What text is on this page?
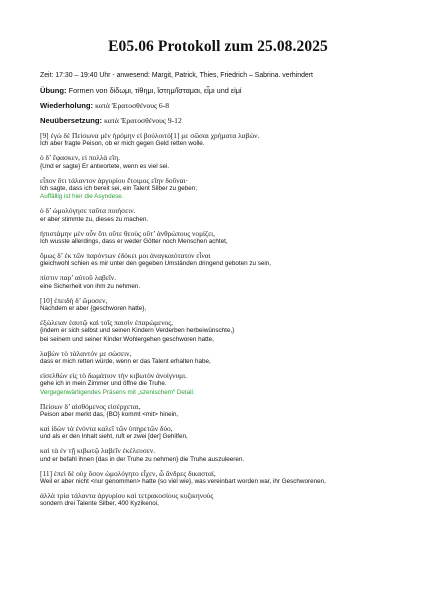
E05.06 Protokoll zum 25.08.2025
Zeit: 17:30 – 19:40 Uhr - anwesend: Margit, Patrick, Thies, Friedrich – Sabrina. verhindert
Übung: Formen von δίδωμι, τίθημι, ἵστημ/ἵσταμαι, εἶμι und εἰμί
Wiederholung: κατὰ Ἐρατοσθένους 6-8
Neuübersetzung: κατὰ Ἐρατοσθένους 9-12
[9] ἐγὼ δὲ Πείσωνα μὲν ἠρόμην εἰ βούλοιτό[1] με σῶσαι χρήματα λαβών.
Ich aber fragte Peison, ob er mich gegen Geld retten wolle.
ὁ δ’ ἔφασκεν, εἰ πολλὰ εἴη.
{Und er sagte} Er antwortete, wenn es viel sei.
εἶπον ὅτι τάλαντον ἀργυρίου ἕτοιμος εἴην δοῦναι·
Ich sagte, dass ich bereit sei, ein Talent Silber zu geben;
Auffällig ist hier die Asyndese.
ὁ δ’ ὡμολόγησε ταῦτα ποιήσειν.
er aber stimmte zu, dieses zu machen.
ἠπιστάμην μὲν οὖν ὅτι οὔτε θεοὺς οὔτ’ ἀνθρώπους νομίζει,
Ich wusste allerdings, dass er weder Götter noch Menschen achtet,
ὅμως δ’ ἐκ τῶν παρόντων ἐδόκει μοι ἀναγκαιότατον εἶναι
gleichwohl schien es mir unter den gegeben Umständen dringend geboten zu sein,
πίστιν παρ’ αὐτοῦ λαβεῖν.
eine Sicherheit von ihm zu nehmen.
[10] ἐπειδὴ δ’ ὤμοσεν,
Nachdem er aber {geschworen hatte},
ἐξώλειαν ἑαυτῷ καὶ τοῖς παισὶν ἐπαρώμενος,
{indem er sich selbst und seinen Kindern Verderben herbeiwünschte,}
bei seinem und seiner Kinder Wohlergehen geschworen hatte,
λαβών τὸ τάλαντόν με σώσειν,
dass er mich retten würde, wenn er das Talent erhalten habe,
εἰσελθὼν εἰς τὸ δωμάτιον τὴν κιβωτὸν ἀνοίγνυμι.
gehe ich in mein Zimmer und öffne die Truhe.
Vergegenwärtigendes Präsens mit „szenischem“ Detail.
Πείσων δ’ αἰσθόμενος εἰσέρχεται,
Peison aber merkt das, {BO} kommt <mit> hinein,
καὶ ἰδὼν τὰ ἐνόντα καλεῖ τῶν ὑπηρετῶν δύο,
und als er den Inhalt sieht, ruft er zwei [der] Gehilfen,
καὶ τὰ ἐν τῇ κιβωτῷ λαβεῖν ἐκέλευσεν.
und er befahl ihnen {das in der Truhe zu nehmen} die Truhe auszuleeren.
[11] ἐπεὶ δὲ οὐχ ὅσον ὡμολόγητο εἶχεν, ὦ ἄνδρες δικασταί,
Weil er aber nicht <nur genommen> hatte {so viel wie}, was vereinbart worden war, ihr Geschworenen,
ἀλλὰ τρία τάλαντα ἀργυρίου καὶ τετρακοσίους κυζικηνοὺς
sondern drei Talente Silber, 400 Kyzikenoi,
